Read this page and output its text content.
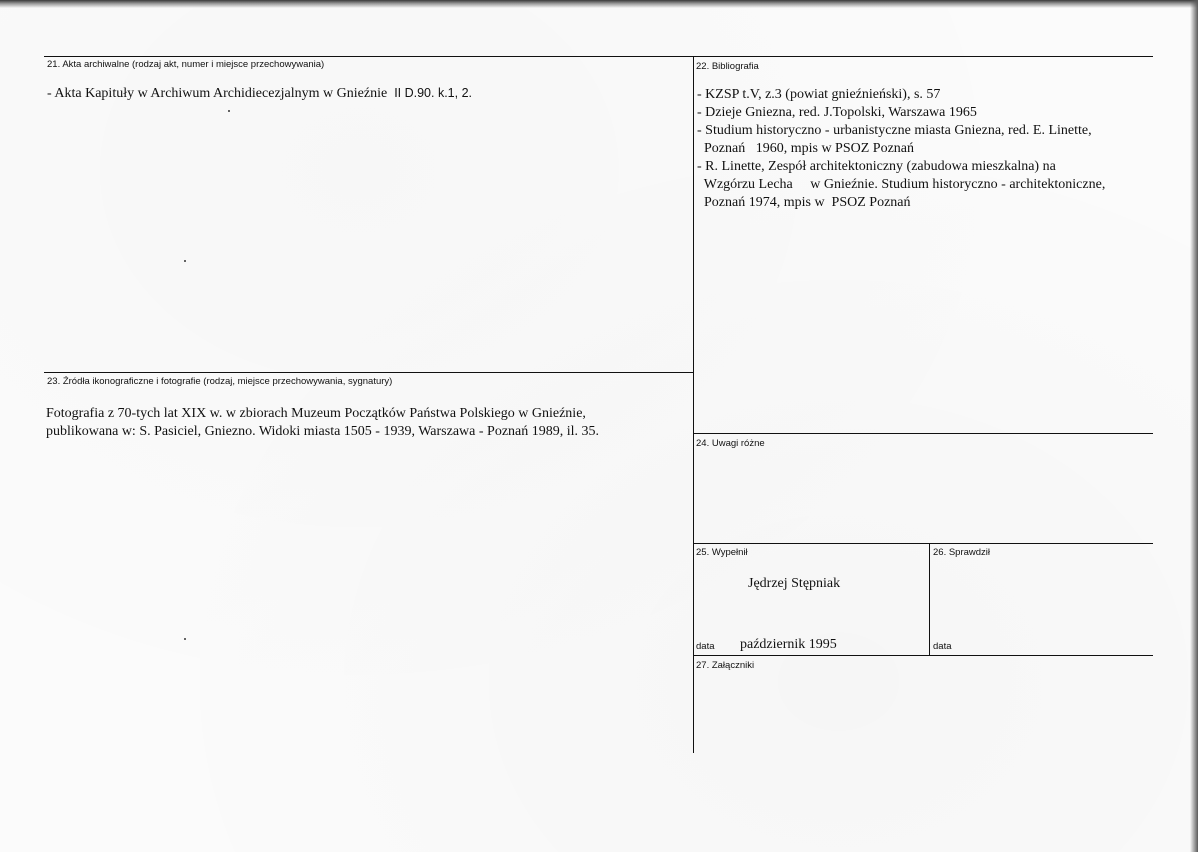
21. Akta archiwalne (rodzaj akt, numer i miejsce przechowywania)
- Akta Kapituły w Archiwum Archidiecezjalnym w Gnieźnie II D.90. k.1, 2.
22. Bibliografia
- KZSP t.V, z.3 (powiat gnieźnieński), s. 57
- Dzieje Gniezna, red. J.Topolski, Warszawa 1965
- Studium historyczno - urbanistyczne miasta Gniezna, red. E. Linette,
Poznań   1960, mpis w PSOZ Poznań
- R. Linette, Zespół architektoniczny (zabudowa mieszkalna) na
Wzgórzu Lecha     w Gnieźnie. Studium historyczno - architektoniczne,
Poznań 1974, mpis w  PSOZ Poznań
23. Źródła ikonograficzne i fotografie (rodzaj, miejsce przechowywania, sygnatury)
Fotografia z 70-tych lat XIX w. w zbiorach Muzeum Początków Państwa Polskiego w Gnieźnie,
publikowana w: S. Pasiciel, Gniezno. Widoki miasta 1505 - 1939, Warszawa - Poznań 1989, il. 35.
24. Uwagi różne
25. Wypełnił
Jędrzej Stępniak
data październik 1995
26. Sprawdził
data
27. Załączniki
